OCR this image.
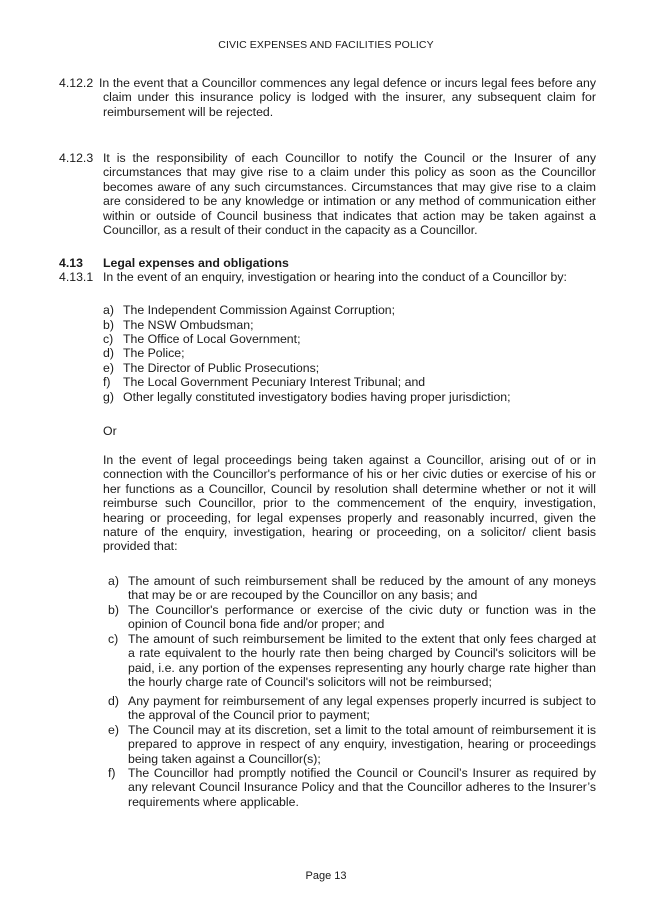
CIVIC EXPENSES AND FACILITIES POLICY
4.12.2 In the event that a Councillor commences any legal defence or incurs legal fees before any claim under this insurance policy is lodged with the insurer, any subsequent claim for reimbursement will be rejected.
4.12.3 It is the responsibility of each Councillor to notify the Council or the Insurer of any circumstances that may give rise to a claim under this policy as soon as the Councillor becomes aware of any such circumstances. Circumstances that may give rise to a claim are considered to be any knowledge or intimation or any method of communication either within or outside of Council business that indicates that action may be taken against a Councillor, as a result of their conduct in the capacity as a Councillor.
4.13 Legal expenses and obligations
4.13.1 In the event of an enquiry, investigation or hearing into the conduct of a Councillor by:
a) The Independent Commission Against Corruption;
b) The NSW Ombudsman;
c) The Office of Local Government;
d) The Police;
e) The Director of Public Prosecutions;
f) The Local Government Pecuniary Interest Tribunal; and
g) Other legally constituted investigatory bodies having proper jurisdiction;
Or
In the event of legal proceedings being taken against a Councillor, arising out of or in connection with the Councillor's performance of his or her civic duties or exercise of his or her functions as a Councillor, Council by resolution shall determine whether or not it will reimburse such Councillor, prior to the commencement of the enquiry, investigation, hearing or proceeding, for legal expenses properly and reasonably incurred, given the nature of the enquiry, investigation, hearing or proceeding, on a solicitor/ client basis provided that:
a) The amount of such reimbursement shall be reduced by the amount of any moneys that may be or are recouped by the Councillor on any basis; and
b) The Councillor's performance or exercise of the civic duty or function was in the opinion of Council bona fide and/or proper; and
c) The amount of such reimbursement be limited to the extent that only fees charged at a rate equivalent to the hourly rate then being charged by Council's solicitors will be paid, i.e. any portion of the expenses representing any hourly charge rate higher than the hourly charge rate of Council's solicitors will not be reimbursed;
d) Any payment for reimbursement of any legal expenses properly incurred is subject to the approval of the Council prior to payment;
e) The Council may at its discretion, set a limit to the total amount of reimbursement it is prepared to approve in respect of any enquiry, investigation, hearing or proceedings being taken against a Councillor(s);
f) The Councillor had promptly notified the Council or Council’s Insurer as required by any relevant Council Insurance Policy and that the Councillor adheres to the Insurer’s requirements where applicable.
Page 13
